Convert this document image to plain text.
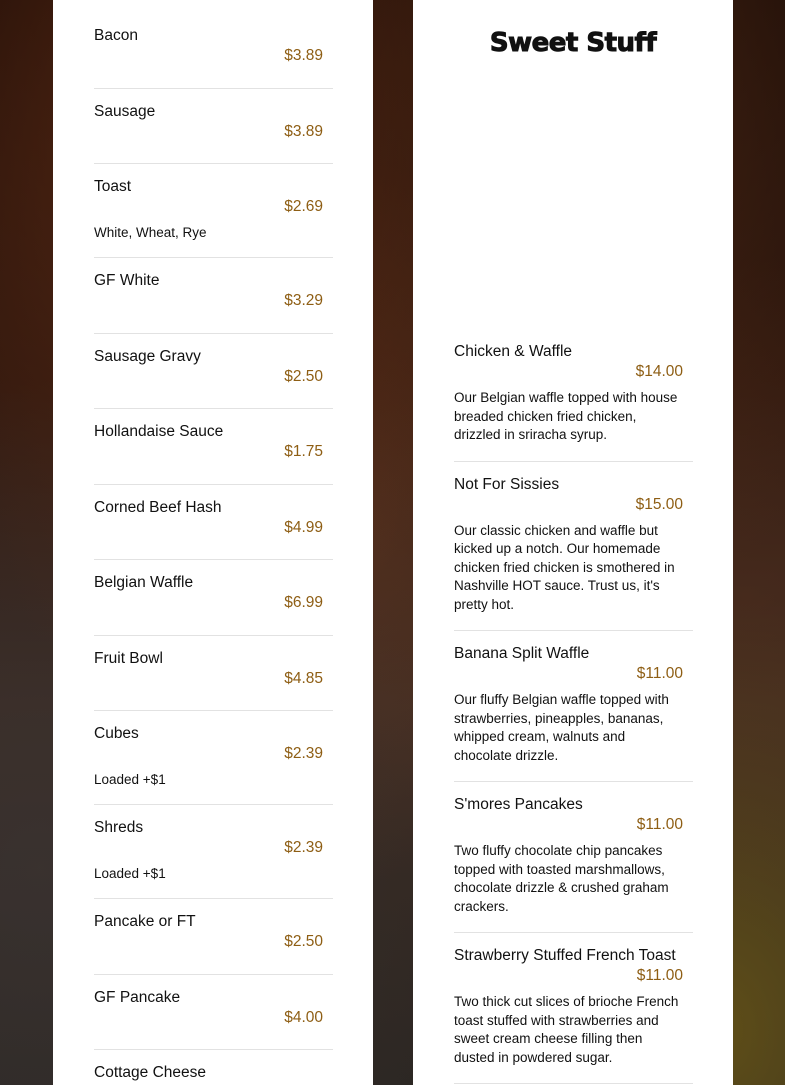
Bacon
$3.89
Sausage
$3.89
Toast
$2.69
White, Wheat, Rye
GF White
$3.29
Sausage Gravy
$2.50
Hollandaise Sauce
$1.75
Corned Beef Hash
$4.99
Belgian Waffle
$6.99
Fruit Bowl
$4.85
Cubes
$2.39
Loaded +$1
Shreds
$2.39
Loaded +$1
Pancake or FT
$2.50
GF Pancake
$4.00
Cottage Cheese
Sweet Stuff
Chicken & Waffle
$14.00
Our Belgian waffle topped with house breaded chicken fried chicken, drizzled in sriracha syrup.
Not For Sissies
$15.00
Our classic chicken and waffle but kicked up a notch. Our homemade chicken fried chicken is smothered in Nashville HOT sauce. Trust us, it's pretty hot.
Banana Split Waffle
$11.00
Our fluffy Belgian waffle topped with strawberries, pineapples, bananas, whipped cream, walnuts and chocolate drizzle.
S'mores Pancakes
$11.00
Two fluffy chocolate chip pancakes topped with toasted marshmallows, chocolate drizzle & crushed graham crackers.
Strawberry Stuffed French Toast
$11.00
Two thick cut slices of brioche French toast stuffed with strawberries and sweet cream cheese filling then dusted in powdered sugar.
